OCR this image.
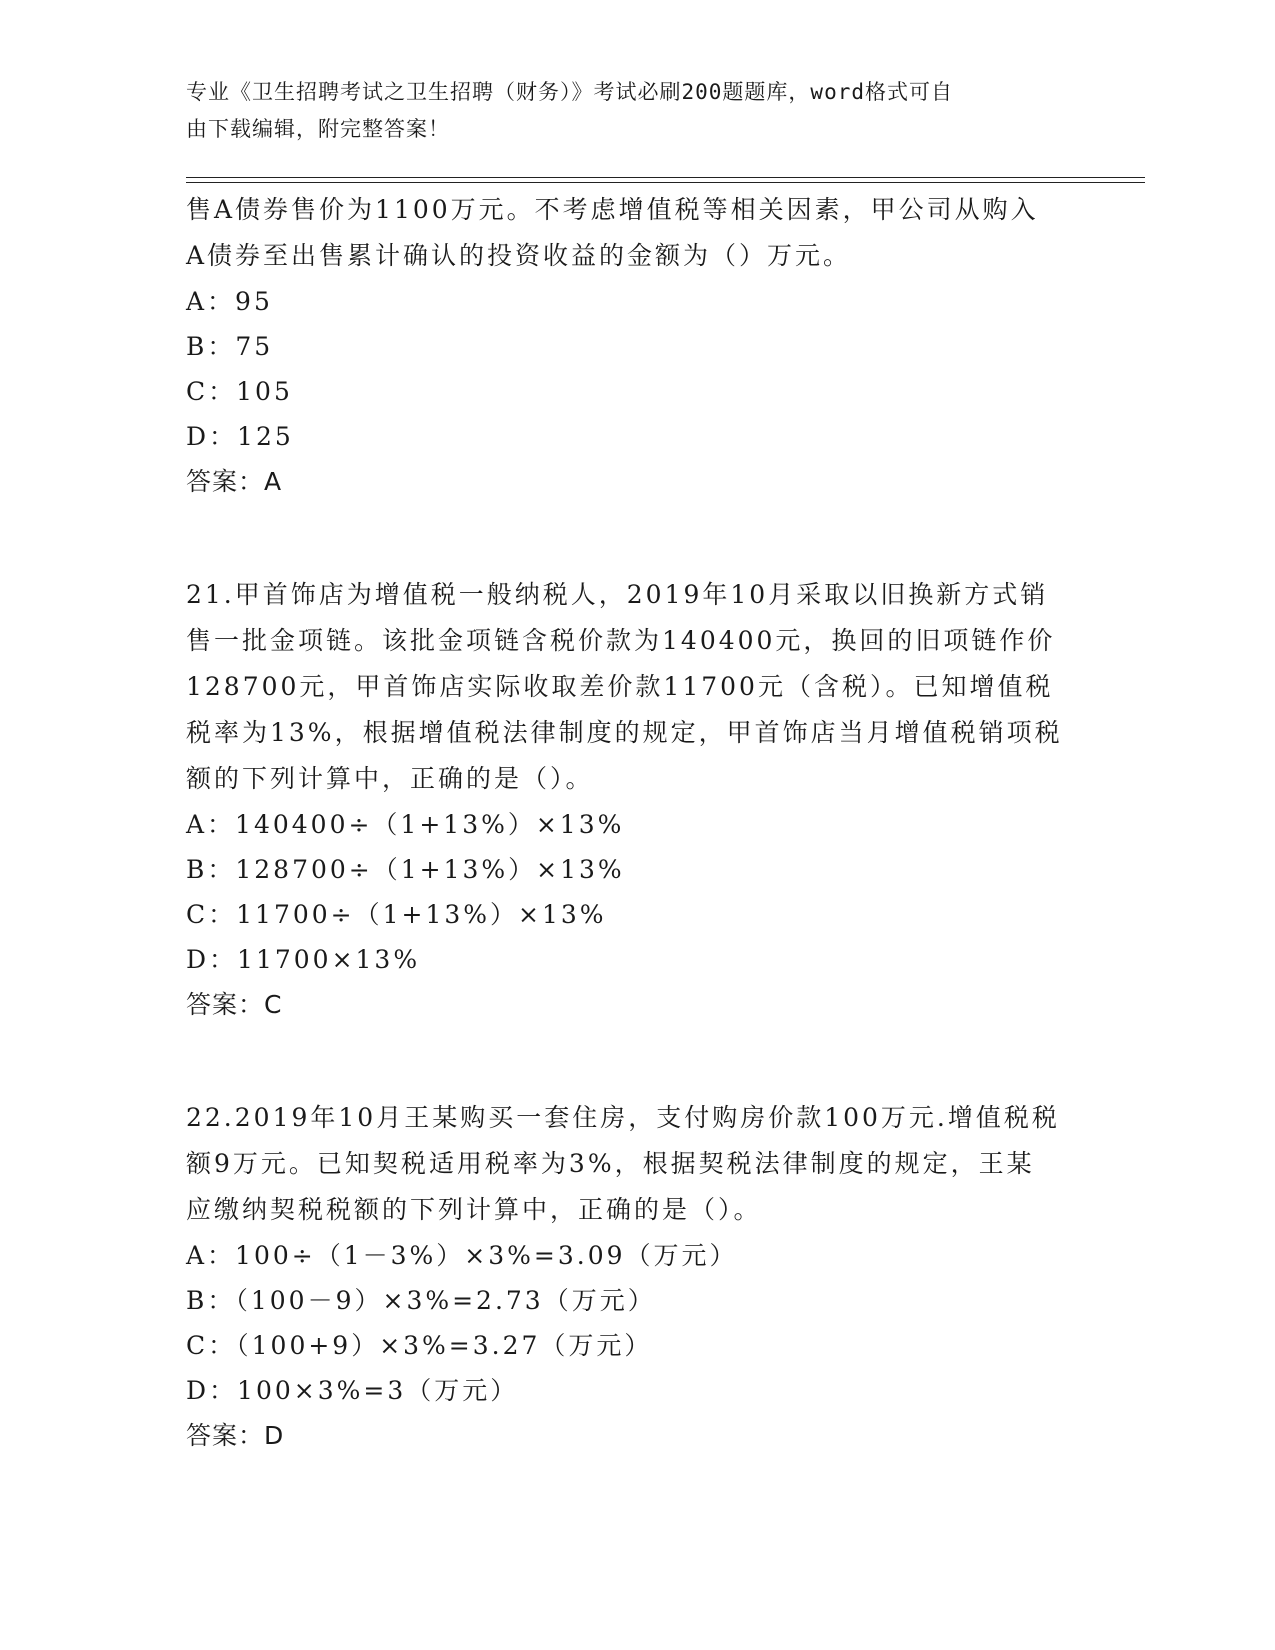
专业《卫生招聘考试之卫生招聘（财务）》考试必刷200题题库，word格式可自
由下载编辑，附完整答案！
售A债券售价为1100万元。不考虑增值税等相关因素，甲公司从购入
A债券至出售累计确认的投资收益的金额为（）万元。
A：95
B：75
C：105
D：125
答案：A
21.甲首饰店为增值税一般纳税人，2019年10月采取以旧换新方式销
售一批金项链。该批金项链含税价款为140400元，换回的旧项链作价
128700元，甲首饰店实际收取差价款11700元（含税）。已知增值税
税率为13%，根据增值税法律制度的规定，甲首饰店当月增值税销项税
额的下列计算中，正确的是（）。
A：140400÷（1+13%）×13%
B：128700÷（1+13%）×13%
C：11700÷（1+13%）×13%
D：11700×13%
答案：C
22.2019年10月王某购买一套住房，支付购房价款100万元.增值税税
额9万元。已知契税适用税率为3%，根据契税法律制度的规定，王某
应缴纳契税税额的下列计算中，正确的是（）。
A：100÷（1－3%）×3%=3.09（万元）
B：（100－9）×3%=2.73（万元）
C：（100+9）×3%=3.27（万元）
D：100×3%=3（万元）
答案：D
